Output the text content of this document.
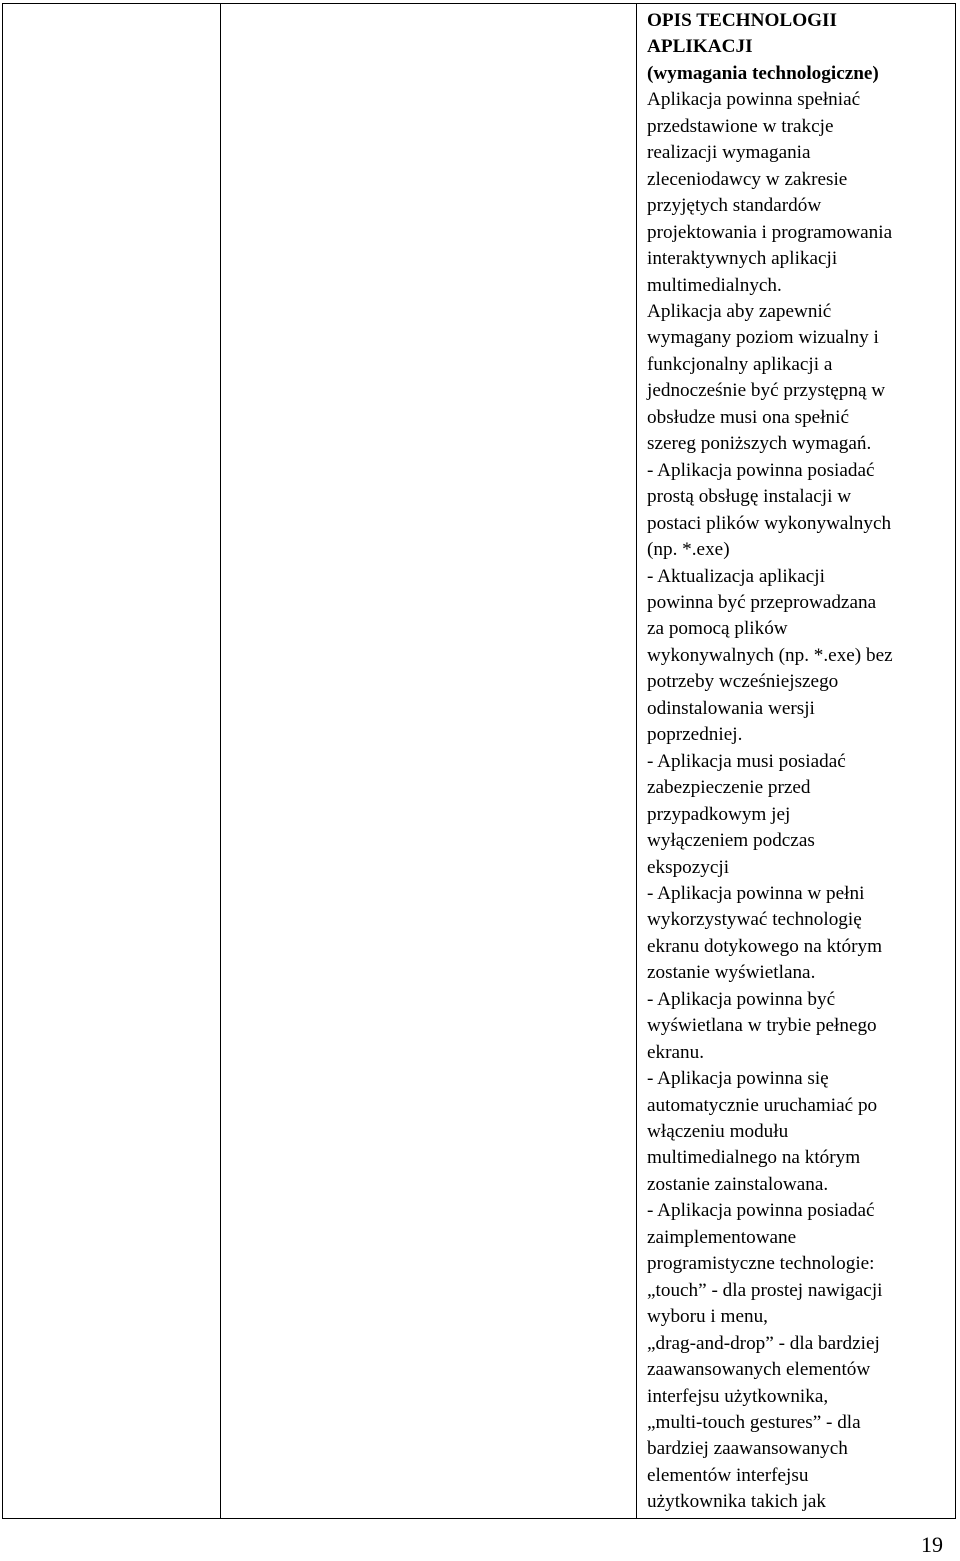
OPIS TECHNOLOGII
APLIKACJI
(wymagania technologiczne)
Aplikacja powinna spełniać
przedstawione w trakcje
realizacji wymagania
zleceniodawcy w zakresie
przyjętych standardów
projektowania i programowania
interaktywnych aplikacji
multimedialnych.
Aplikacja aby zapewnić
wymagany poziom wizualny i
funkcjonalny aplikacji a
jednocześnie być przystępną w
obsłudze musi ona spełnić
szereg poniższych wymagań.
- Aplikacja powinna posiadać
prostą obsługę instalacji w
postaci plików wykonywalnych
(np. *.exe)
- Aktualizacja aplikacji
powinna być przeprowadzana
za pomocą plików
wykonywalnych (np. *.exe) bez
potrzeby wcześniejszego
odinstalowania wersji
poprzedniej.
- Aplikacja musi posiadać
zabezpieczenie przed
przypadkowym jej
wyłączeniem podczas
ekspozycji
- Aplikacja powinna w pełni
wykorzystywać technologię
ekranu dotykowego na którym
zostanie wyświetlana.
- Aplikacja powinna być
wyświetlana w trybie pełnego
ekranu.
- Aplikacja powinna się
automatycznie uruchamiać po
włączeniu modułu
multimedialnego na którym
zostanie zainstalowana.
- Aplikacja powinna posiadać
zaimplementowane
programistyczne technologie:
„touch” - dla prostej nawigacji
wyboru i menu,
„drag-and-drop” - dla bardziej
zaawansowanych elementów
interfejsu użytkownika,
„multi-touch gestures” - dla
bardziej zaawansowanych
elementów interfejsu
użytkownika takich jak
19
